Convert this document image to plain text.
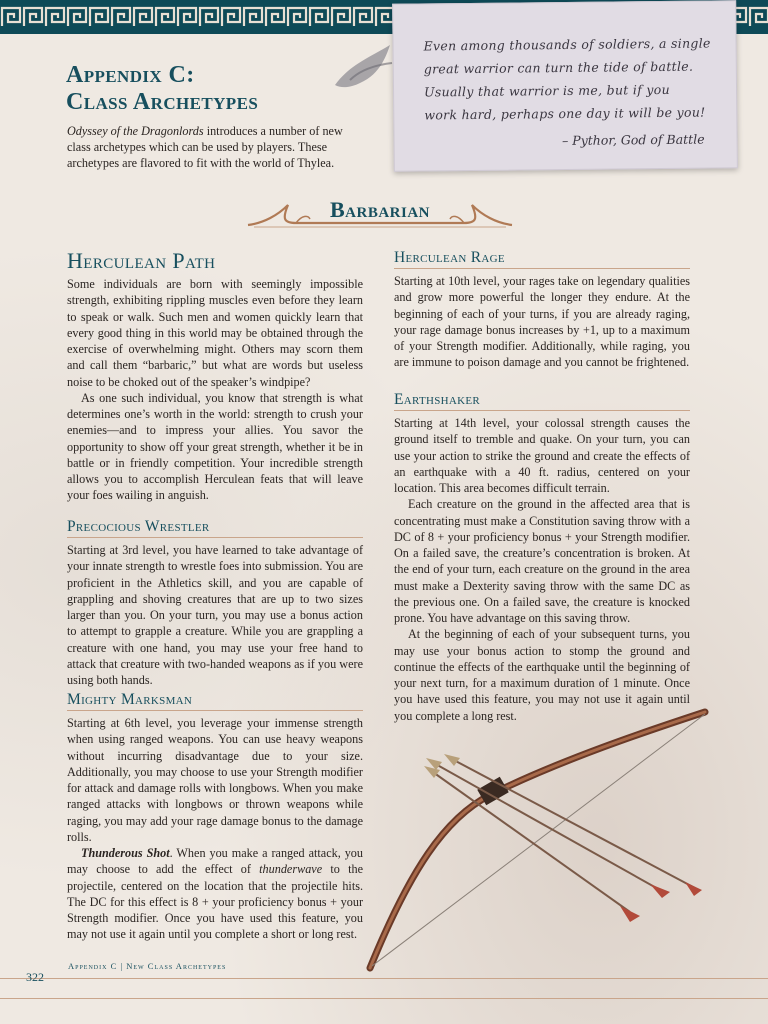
Even among thousands of soldiers, a single
great warrior can turn the tide of battle.
Usually that warrior is me, but if you
work hard, perhaps one day it will be you!
– Pythor, God of Battle
Appendix C:
Class Archetypes
Odyssey of the Dragonlords introduces a number of new class archetypes which can be used by players. These archetypes are flavored to fit with the world of Thylea.
Barbarian
Herculean Path

Some individuals are born with seemingly impossible strength, exhibiting rippling muscles even before they learn to speak or walk. Such men and women quickly learn that every good thing in this world may be obtained through the exercise of overwhelming might. Others may scorn them and call them “barbaric,” but what are words but useless noise to be choked out of the speaker’s windpipe?

As one such individual, you know that strength is what determines one’s worth in the world: strength to crush your enemies—and to impress your allies. You savor the opportunity to show off your great strength, whether it be in battle or in friendly competition. Your incredible strength allows you to accomplish Herculean feats that will leave your foes wailing in anguish.

Precocious Wrestler

Starting at 3rd level, you have learned to take advantage of your innate strength to wrestle foes into submission. You are proficient in the Athletics skill, and you are capable of grappling and shoving creatures that are up to two sizes larger than you. On your turn, you may use a bonus action to attempt to grapple a creature. While you are grappling a creature with one hand, you may use your free hand to attack that creature with two-handed weapons as if you were using both hands.

Mighty Marksman

Starting at 6th level, you leverage your immense strength when using ranged weapons. You can use heavy weapons without incurring disadvantage due to your size. Additionally, you may choose to use your Strength modifier for attack and damage rolls with longbows. When you make ranged attacks with longbows or thrown weapons while raging, you may add your rage damage bonus to the damage rolls.

Thunderous Shot. When you make a ranged attack, you may choose to add the effect of thunderwave to the projectile, centered on the location that the projectile hits. The DC for this effect is 8 + your proficiency bonus + your Strength modifier. Once you have used this feature, you may not use it again until you complete a short or long rest.

Herculean Rage

Starting at 10th level, your rages take on legendary qualities and grow more powerful the longer they endure. At the beginning of each of your turns, if you are already raging, your rage damage bonus increases by +1, up to a maximum of your Strength modifier. Additionally, while raging, you are immune to poison damage and you cannot be frightened.

Earthshaker

Starting at 14th level, your colossal strength causes the ground itself to tremble and quake. On your turn, you can use your action to strike the ground and create the effects of an earthquake with a 40 ft. radius, centered on your location. This area becomes difficult terrain.

Each creature on the ground in the affected area that is concentrating must make a Constitution saving throw with a DC of 8 + your proficiency bonus + your Strength modifier. On a failed save, the creature’s concentration is broken. At the end of your turn, each creature on the ground in the area must make a Dexterity saving throw with the same DC as the previous one. On a failed save, the creature is knocked prone. You have advantage on this saving throw.

At the beginning of each of your subsequent turns, you may use your bonus action to stomp the ground and continue the effects of the earthquake until the beginning of your next turn, for a maximum duration of 1 minute. Once you have used this feature, you may not use it again until you complete a long rest.

Appendix C | New Class Archetypes
322
